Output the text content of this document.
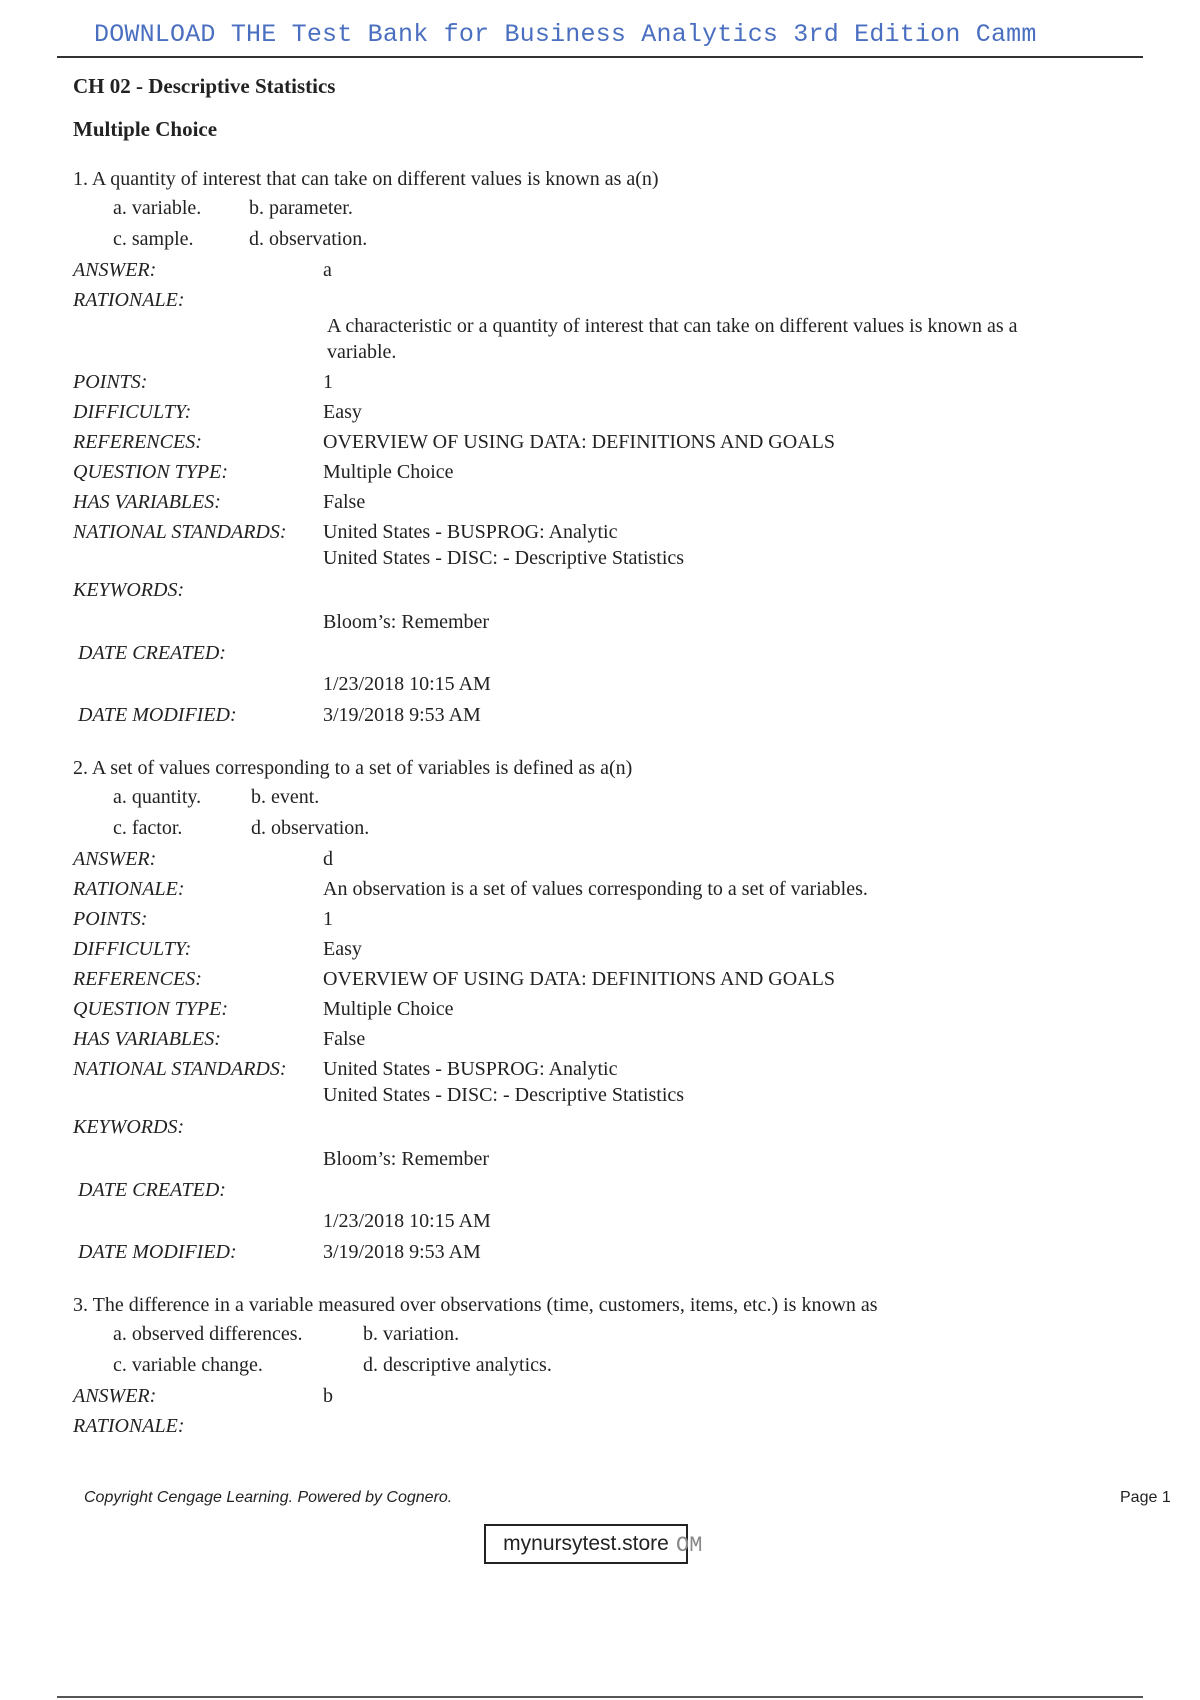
DOWNLOAD THE Test Bank for Business Analytics 3rd Edition Camm
CH 02 - Descriptive Statistics
Multiple Choice
1. A quantity of interest that can take on different values is known as a(n)
a. variable.	b. parameter.
c. sample.	d. observation.
ANSWER:	a
RATIONALE:
A characteristic or a quantity of interest that can take on different values is known as a variable.
POINTS:	1
DIFFICULTY:	Easy
REFERENCES:	OVERVIEW OF USING DATA: DEFINITIONS AND GOALS
QUESTION TYPE:	Multiple Choice
HAS VARIABLES:	False
NATIONAL STANDARDS:	United States - BUSPROG: Analytic
United States - DISC: - Descriptive Statistics
KEYWORDS:
Bloom’s: Remember
DATE CREATED:
1/23/2018 10:15 AM
DATE MODIFIED:	3/19/2018 9:53 AM
2. A set of values corresponding to a set of variables is defined as a(n)
a. quantity.	b. event.
c. factor.	d. observation.
ANSWER:	d
RATIONALE:	An observation is a set of values corresponding to a set of variables.
POINTS:	1
DIFFICULTY:	Easy
REFERENCES:	OVERVIEW OF USING DATA: DEFINITIONS AND GOALS
QUESTION TYPE:	Multiple Choice
HAS VARIABLES:	False
NATIONAL STANDARDS:	United States - BUSPROG: Analytic
United States - DISC: - Descriptive Statistics
KEYWORDS:
Bloom’s: Remember
DATE CREATED:
1/23/2018 10:15 AM
DATE MODIFIED:	3/19/2018 9:53 AM
3. The difference in a variable measured over observations (time, customers, items, etc.) is known as
a. observed differences.	b. variation.
c. variable change.	d. descriptive analytics.
ANSWER:	b
RATIONALE:
Copyright Cengage Learning. Powered by Cognero.	Page 1
mynursytest.store OM
